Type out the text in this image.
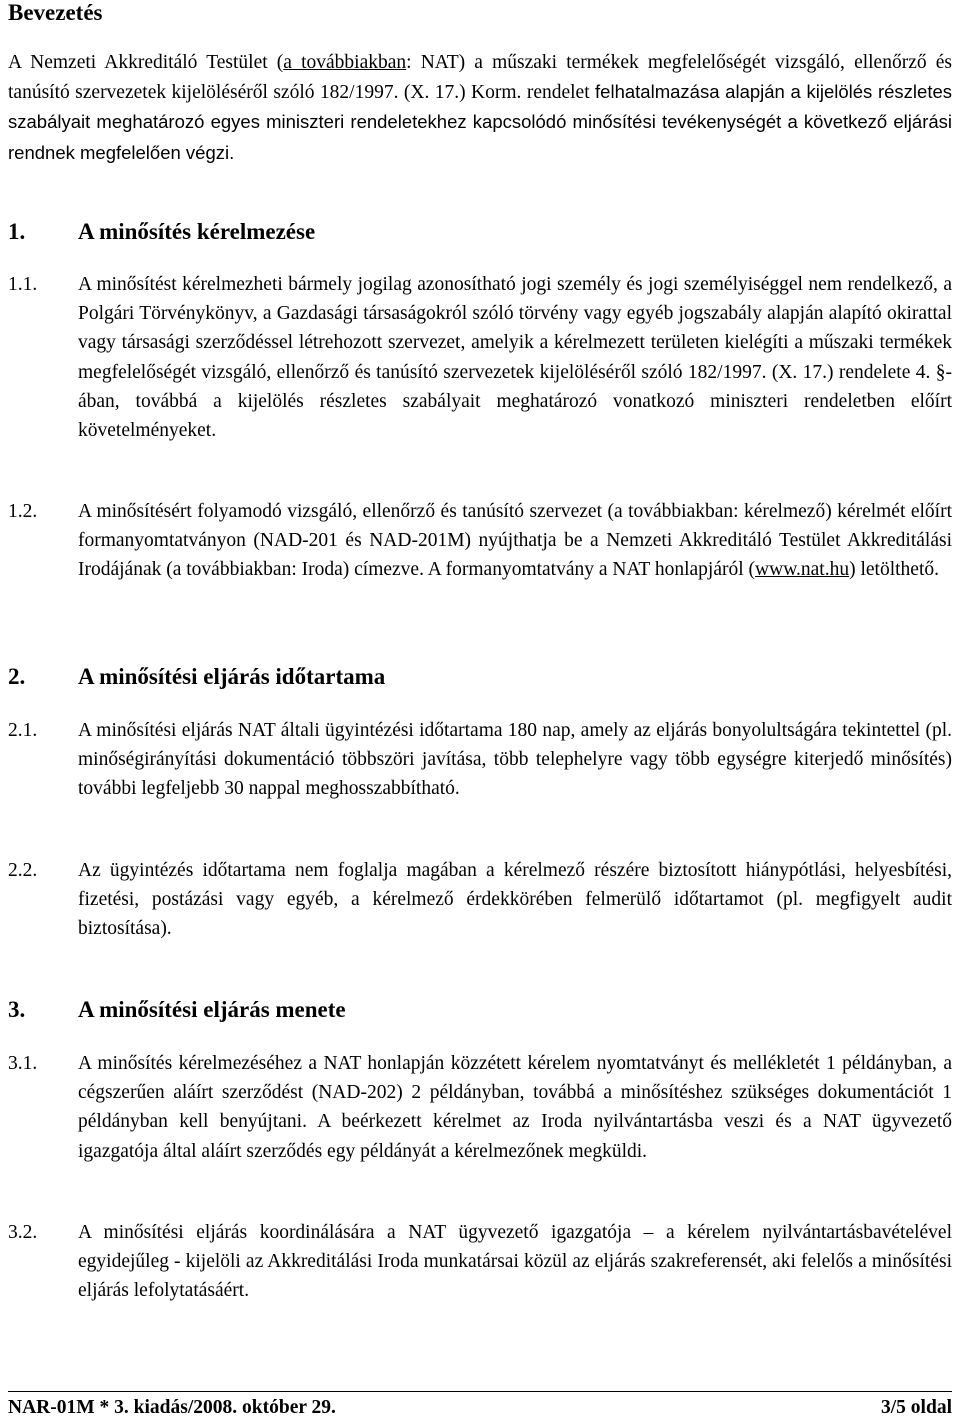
Bevezetés

A Nemzeti Akkreditáló Testület (a továbbiakban: NAT) a műszaki termékek megfelelőségét vizsgáló, ellenőrző és tanúsító szervezetek kijelöléséről szóló 182/1997. (X. 17.) Korm. rendelet felhatalmazása alapján a kijelölés részletes szabályait meghatározó egyes miniszteri rendeletekhez kapcsolódó minősítési tevékenységét a következő eljárási rendnek megfelelően végzi.

1. A minősítés kérelmezése
1.1. A minősítést kérelmezheti bármely jogilag azonosítható jogi személy és jogi személyiséggel nem rendelkező, a Polgári Törvénykönyv, a Gazdasági társaságokról szóló törvény vagy egyéb jogszabály alapján alapító okirattal vagy társasági szerződéssel létrehozott szervezet, amelyik a kérelmezett területen kielégíti a műszaki termékek megfelelőségét vizsgáló, ellenőrző és tanúsító szervezetek kijelöléséről szóló 182/1997. (X. 17.) rendelete 4. §-ában, továbbá a kijelölés részletes szabályait meghatározó vonatkozó miniszteri rendeletben előírt követelményeket.
1.2. A minősítésért folyamodó vizsgáló, ellenőrző és tanúsító szervezet (a továbbiakban: kérelmező) kérelmét előírt formanyomtatványon (NAD-201 és NAD-201M) nyújthatja be a Nemzeti Akkreditáló Testület Akkreditálási Irodájának (a továbbiakban: Iroda) címezve. A formanyomtatvány a NAT honlapjáról (www.nat.hu) letölthető.
2. A minősítési eljárás időtartama
2.1. A minősítési eljárás NAT általi ügyintézési időtartama 180 nap, amely az eljárás bonyolultságára tekintettel (pl. minőségirányítási dokumentáció többszöri javítása, több telephelyre vagy több egységre kiterjedő minősítés) további legfeljebb 30 nappal meghosszabbítható.
2.2. Az ügyintézés időtartama nem foglalja magában a kérelmező részére biztosított hiánypótlási, helyesbítési, fizetési, postázási vagy egyéb, a kérelmező érdekkörében felmerülő időtartamot (pl. megfigyelt audit biztosítása).
3. A minősítési eljárás menete
3.1. A minősítés kérelmezéséhez a NAT honlapján közzétett kérelem nyomtatványt és mellékletét 1 példányban, a cégszerűen aláírt szerződést (NAD-202) 2 példányban, továbbá a minősítéshez szükséges dokumentációt 1 példányban kell benyújtani. A beérkezett kérelmet az Iroda nyilvántartásba veszi és a NAT ügyvezető igazgatója által aláírt szerződés egy példányát a kérelmezőnek megküldi.
3.2. A minősítési eljárás koordinálására a NAT ügyvezető igazgatója – a kérelem nyilvántartásbavételével egyidejűleg - kijelöli az Akkreditálási Iroda munkatársai közül az eljárás szakreferensét, aki felelős a minősítési eljárás lefolytatásáért.
NAR-01M * 3. kiadás/2008. október 29.	3/5 oldal
